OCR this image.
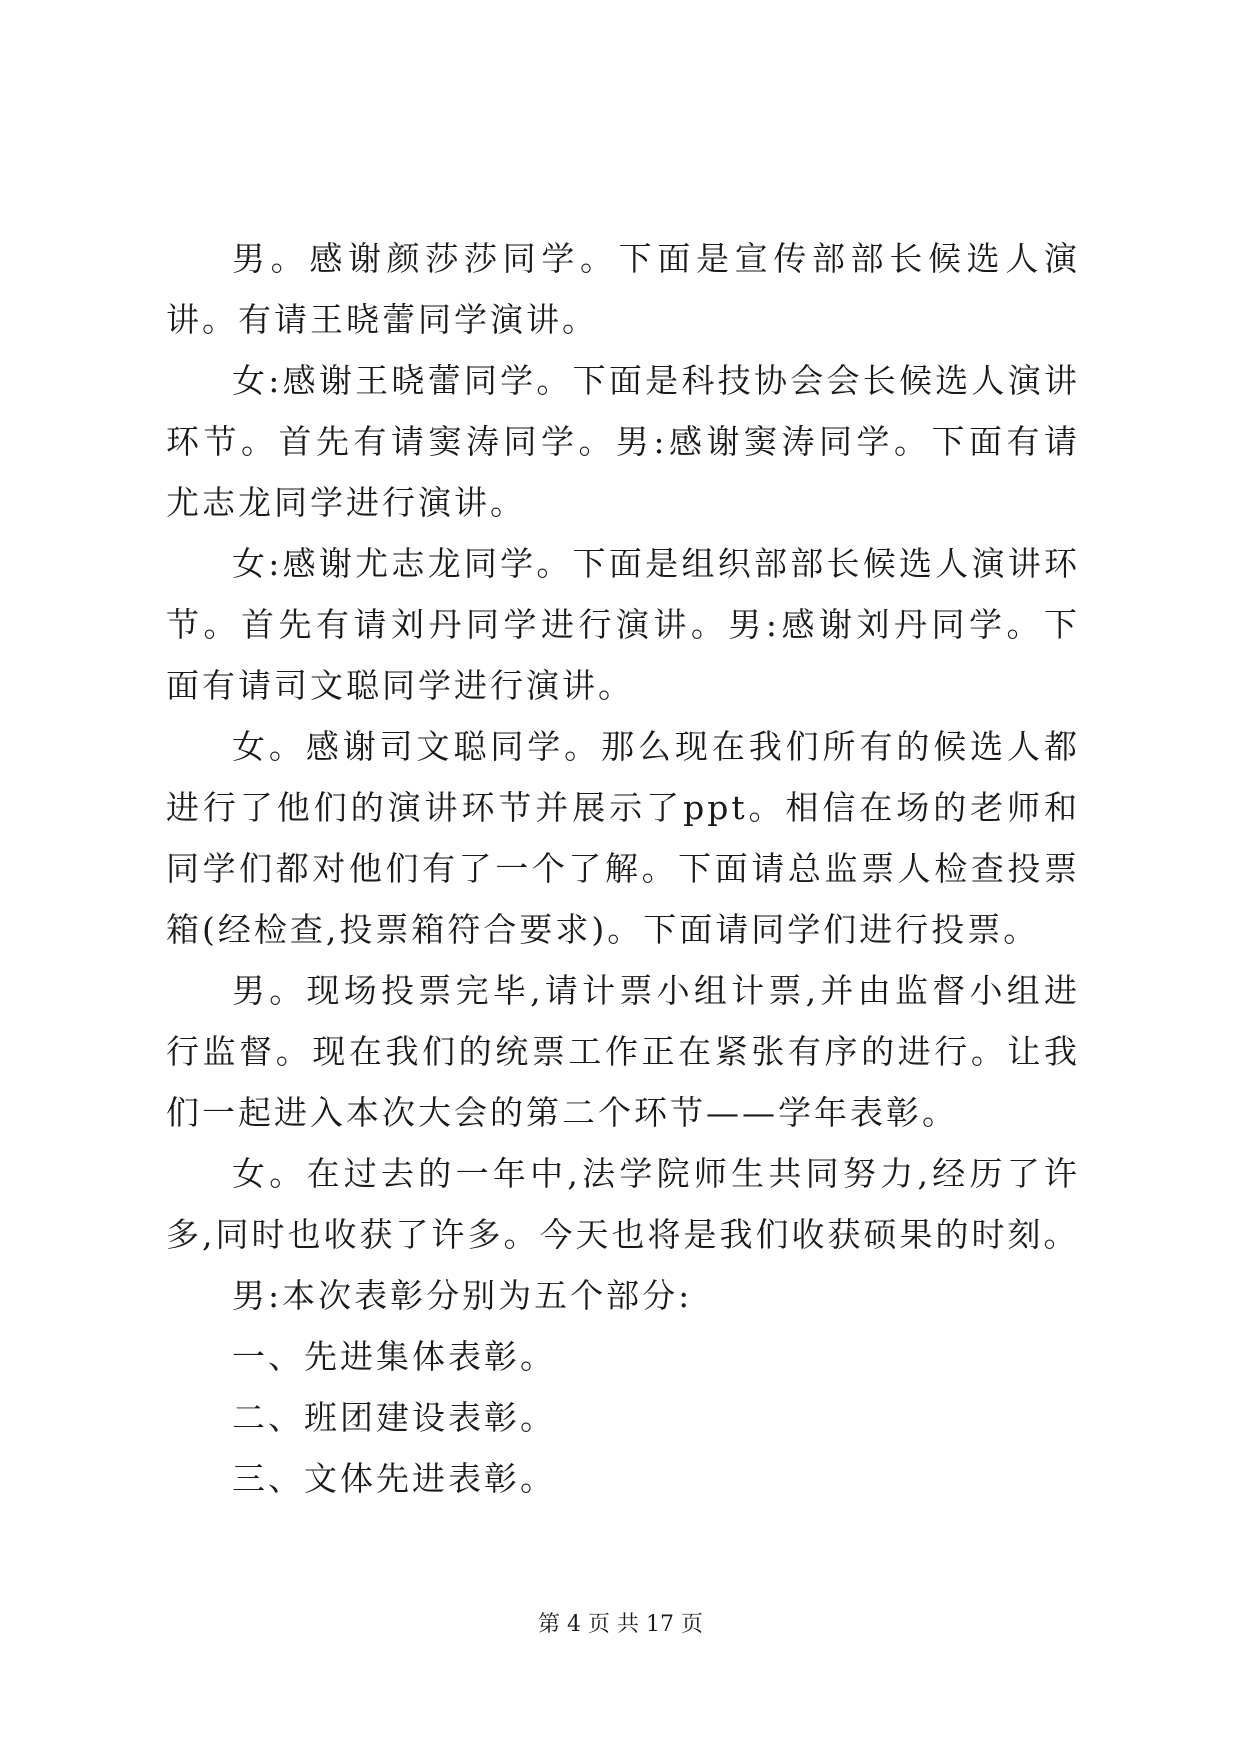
男。感谢颜莎莎同学。下面是宣传部部长候选人演讲。有请王晓蕾同学演讲。

女:感谢王晓蕾同学。下面是科技协会会长候选人演讲环节。首先有请窦涛同学。男:感谢窦涛同学。下面有请尤志龙同学进行演讲。

女:感谢尤志龙同学。下面是组织部部长候选人演讲环节。首先有请刘丹同学进行演讲。男:感谢刘丹同学。下面有请司文聪同学进行演讲。

女。感谢司文聪同学。那么现在我们所有的候选人都进行了他们的演讲环节并展示了ppt。相信在场的老师和同学们都对他们有了一个了解。下面请总监票人检查投票箱(经检查,投票箱符合要求)。下面请同学们进行投票。

男。现场投票完毕,请计票小组计票,并由监督小组进行监督。现在我们的统票工作正在紧张有序的进行。让我们一起进入本次大会的第二个环节——学年表彰。

女。在过去的一年中,法学院师生共同努力,经历了许多,同时也收获了许多。今天也将是我们收获硕果的时刻。

男:本次表彰分别为五个部分:

一、先进集体表彰。

二、班团建设表彰。

三、文体先进表彰。

第 4 页 共 17 页
